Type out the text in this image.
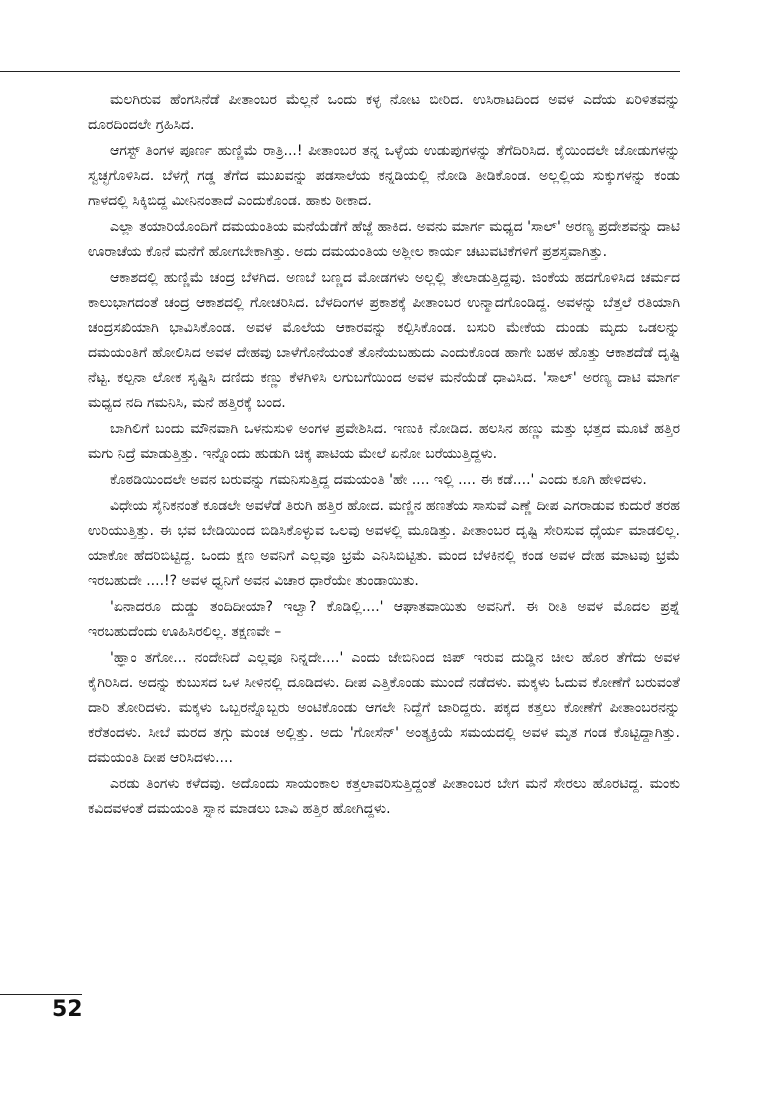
ಮಲಗಿರುವ ಹೆಂಗಸಿನೆಡೆ ಪೀತಾಂಬರ ಮೆಲ್ಲನೆ ಒಂದು ಕಳ್ಳ ನೋಟ ಬೀರಿದ. ಉಸಿರಾಟದಿಂದ ಅವಳ ಎದೆಯ ಏರಿಳಿತವನ್ನು ದೂರದಿಂದಲೇ ಗ್ರಹಿಸಿದ.

ಆಗಸ್ಟ್ ತಿಂಗಳ ಪೂರ್ಣ ಹುಣ್ಣಿಮೆ ರಾತ್ರಿ...! ಪೀತಾಂಬರ ತನ್ನ ಒಳ್ಳೆಯ ಉಡುಪುಗಳನ್ನು ತೆಗೆದಿರಿಸಿದ. ಕೈಯಿಂದಲೇ ಜೋಡುಗಳನ್ನು ಸ್ವಚ್ಛಗೊಳಿಸಿದ. ಬೆಳಗ್ಗೆ ಗಡ್ಡ ತೆಗೆದ ಮುಖವನ್ನು ಪಡಸಾಲೆಯ ಕನ್ನಡಿಯಲ್ಲಿ ನೋಡಿ ತೀಡಿಕೊಂಡ. ಅಲ್ಲಲ್ಲಿಯ ಸುಕ್ಕುಗಳನ್ನು ಕಂಡು ಗಾಳದಲ್ಲಿ ಸಿಕ್ಕಿಬಿದ್ದ ಮೀನಿನಂತಾದೆ ಎಂದುಕೊಂಡ. ಹಾಕು ಠೀಕಾದ.

ಎಲ್ಲಾ ತಯಾರಿಯೊಂದಿಗೆ ದಮಯಂತಿಯ ಮನೆಯೆಡೆಗೆ ಹೆಜ್ಜೆ ಹಾಕಿದ. ಅವನು ಮಾರ್ಗ ಮಧ್ಯದ 'ಸಾಲ್' ಅರಣ್ಯ ಪ್ರದೇಶವನ್ನು ದಾಟಿ ಊರಾಚೆಯ ಕೊನೆ ಮನೆಗೆ ಹೋಗಬೇಕಾಗಿತ್ತು. ಅದು ದಮಯಂತಿಯ ಅಶ್ಲೀಲ ಕಾರ್ಯ ಚಟುವಟಿಕೆಗಳಿಗೆ ಪ್ರಶಸ್ತವಾಗಿತ್ತು.

ಆಕಾಶದಲ್ಲಿ ಹುಣ್ಣಿಮೆ ಚಂದ್ರ ಬೆಳಗಿದ. ಅಣಬೆ ಬಣ್ಣದ ಮೋಡಗಳು ಅಲ್ಲಲ್ಲಿ ತೇಲಾಡುತ್ತಿದ್ದವು. ಜಿಂಕೆಯ ಹದಗೊಳಿಸಿದ ಚರ್ಮದ ಕಾಲುಭಾಗದಂತೆ ಚಂದ್ರ ಆಕಾಶದಲ್ಲಿ ಗೋಚರಿಸಿದ. ಬೆಳದಿಂಗಳ ಪ್ರಕಾಶಕ್ಕೆ ಪೀತಾಂಬರ ಉನ್ಮಾದಗೊಂಡಿದ್ದ. ಅವಳನ್ನು ಬೆತ್ತಲೆ ರತಿಯಾಗಿ ಚಂದ್ರಸಖಿಯಾಗಿ ಭಾವಿಸಿಕೊಂಡ. ಅವಳ ಮೊಲೆಯ ಆಕಾರವನ್ನು ಕಲ್ಪಿಸಿಕೊಂಡ. ಬಸುರಿ ಮೇಕೆಯ ದುಂಡು ಮೃದು ಒಡಲನ್ನು ದಮಯಂತಿಗೆ ಹೋಲಿಸಿದ ಅವಳ ದೇಹವು ಬಾಳೆಗೊನೆಯಂತೆ ತೊನೆಯಬಹುದು ಎಂದುಕೊಂಡ ಹಾಗೇ ಬಹಳ ಹೊತ್ತು ಆಕಾಶದೆಡೆ ದೃಷ್ಟಿ ನೆಟ್ಟ. ಕಲ್ಪನಾ ಲೋಕ ಸೃಷ್ಟಿಸಿ ದಣಿದು ಕಣ್ಣು ಕೆಳಗಿಳಿಸಿ ಲಗುಬಗೆಯಿಂದ ಅವಳ ಮನೆಯೆಡೆ ಧಾವಿಸಿದ. 'ಸಾಲ್' ಅರಣ್ಯ ದಾಟಿ ಮಾರ್ಗ ಮಧ್ಯದ ನದಿ ಗಮನಿಸಿ, ಮನೆ ಹತ್ತಿರಕ್ಕೆ ಬಂದ.

ಬಾಗಿಲಿಗೆ ಬಂದು ಮೌನವಾಗಿ ಒಳನುಸುಳಿ ಅಂಗಳ ಪ್ರವೇಶಿಸಿದ. ಇಣುಕಿ ನೋಡಿದ. ಹಲಸಿನ ಹಣ್ಣು ಮತ್ತು ಭತ್ತದ ಮೂಟೆ ಹತ್ತಿರ ಮಗು ನಿದ್ರೆ ಮಾಡುತ್ತಿತ್ತು. ಇನ್ನೊಂದು ಹುಡುಗಿ ಚಿಕ್ಕ ಪಾಟಿಯ ಮೇಲೆ ಏನೋ ಬರೆಯುತ್ತಿದ್ದಳು.

ಕೊಠಡಿಯಿಂದಲೇ ಅವನ ಬರುವನ್ನು ಗಮನಿಸುತ್ತಿದ್ದ ದಮಯಂತಿ 'ಹೇ .... ಇಲ್ಲಿ .... ಈ ಕಡೆ....' ಎಂದು ಕೂಗಿ ಹೇಳಿದಳು.

ವಿಧೇಯ ಸೈನಿಕನಂತೆ ಕೂಡಲೇ ಅವಳೆಡೆ ತಿರುಗಿ ಹತ್ತಿರ ಹೋದ. ಮಣ್ಣಿನ ಹಣತೆಯ ಸಾಸುವೆ ಎಣ್ಣೆ ದೀಪ ಎಗರಾಡುವ ಕುದುರೆ ತರಹ ಉರಿಯುತ್ತಿತ್ತು. ಈ ಭವ ಬೇಡಿಯಿಂದ ಬಿಡಿಸಿಕೊಳ್ಳುವ ಒಲವು ಅವಳಲ್ಲಿ ಮೂಡಿತ್ತು. ಪೀತಾಂಬರ ದೃಷ್ಟಿ ಸೇರಿಸುವ ಧೈರ್ಯ ಮಾಡಲಿಲ್ಲ. ಯಾಕೋ ಹೆದರಿಬಿಟ್ಟಿದ್ದ. ಒಂದು ಕ್ಷಣ ಅವನಿಗೆ ಎಲ್ಲವೂ ಭ್ರಮೆ ಎನಿಸಿಬಿಟ್ಟಿತು. ಮಂದ ಬೆಳಕಿನಲ್ಲಿ ಕಂಡ ಅವಳ ದೇಹ ಮಾಟವು ಭ್ರಮೆ ಇರಬಹುದೇ ....!? ಅವಳ ಧ್ವನಿಗೆ ಅವನ ವಿಚಾರ ಧಾರೆಯೇ ತುಂಡಾಯಿತು.

'ಏನಾದರೂ ದುಡ್ಡು ತಂದಿದೀಯಾ? ಇಲ್ವಾ? ಕೊಡಿಲ್ಲಿ....' ಆಘಾತವಾಯಿತು ಅವನಿಗೆ. ಈ ರೀತಿ ಅವಳ ಮೊದಲ ಪ್ರಶ್ನೆ ಇರಬಹುದೆಂದು ಊಹಿಸಿರಲಿಲ್ಲ. ತಕ್ಷಣವೇ –

'ಹ್ಞಾಂ ತಗೋ... ನಂದೇನಿದೆ ಎಲ್ಲವೂ ನಿನ್ನದೇ....' ಎಂದು ಜೇಬಿನಿಂದ ಜಿಪ್ ಇರುವ ದುಡ್ಡಿನ ಚೀಲ ಹೊರ ತೆಗೆದು ಅವಳ ಕೈಗಿರಿಸಿದ. ಅದನ್ನು ಕುಬುಸದ ಒಳ ಸೀಳಿನಲ್ಲಿ ದೂಡಿದಳು. ದೀಪ ಎತ್ತಿಕೊಂಡು ಮುಂದೆ ನಡೆದಳು. ಮಕ್ಕಳು ಓದುವ ಕೋಣೆಗೆ ಬರುವಂತೆ ದಾರಿ ತೋರಿದಳು. ಮಕ್ಕಳು ಒಬ್ಬರನ್ನೊಬ್ಬರು ಅಂಟಿಕೊಂಡು ಆಗಲೇ ನಿದ್ದೆಗೆ ಜಾರಿದ್ದರು. ಪಕ್ಕದ ಕತ್ತಲು ಕೋಣೆಗೆ ಪೀತಾಂಬರನನ್ನು ಕರೆತಂದಳು. ಸೀಬೆ ಮರದ ತಗ್ಗು ಮಂಚ ಅಲ್ಲಿತ್ತು. ಅದು 'ಗೋಸೆನ್' ಅಂತ್ಯಕ್ರಿಯೆ ಸಮಯದಲ್ಲಿ ಅವಳ ಮೃತ ಗಂಡ ಕೊಟ್ಟಿದ್ದಾಗಿತ್ತು. ದಮಯಂತಿ ದೀಪ ಆರಿಸಿದಳು....

ಎರಡು ತಿಂಗಳು ಕಳೆದವು. ಅದೊಂದು ಸಾಯಂಕಾಲ ಕತ್ತಲಾವರಿಸುತ್ತಿದ್ದಂತೆ ಪೀತಾಂಬರ ಬೇಗ ಮನೆ ಸೇರಲು ಹೊರಟಿದ್ದ. ಮಂಕು ಕವಿದವಳಂತೆ ದಮಯಂತಿ ಸ್ನಾನ ಮಾಡಲು ಬಾವಿ ಹತ್ತಿರ ಹೋಗಿದ್ದಳು.

52
